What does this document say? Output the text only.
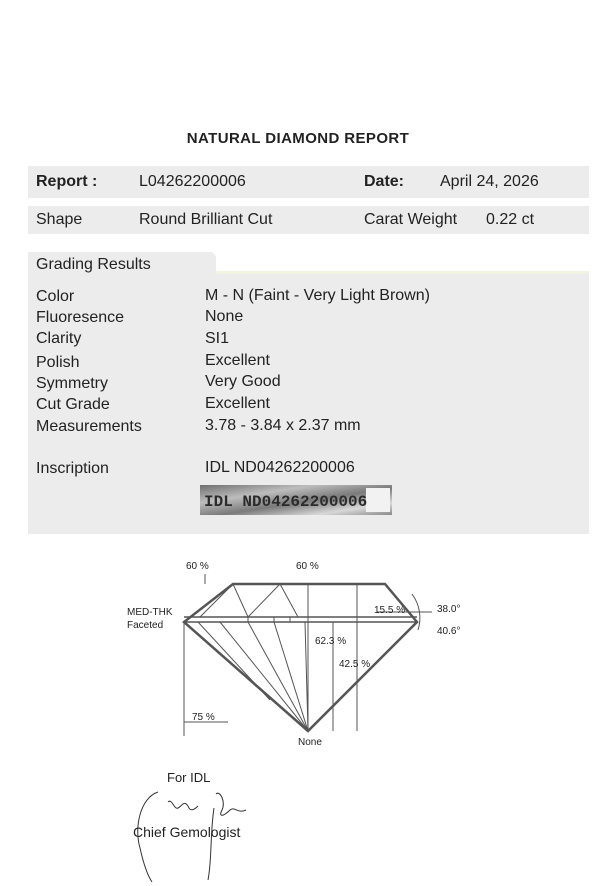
NATURAL DIAMOND REPORT
Report :	L04262200006	Date: April 24, 2026
Shape	Round Brilliant Cut	Carat Weight 0.22 ct
Grading Results
Color	M - N (Faint - Very Light Brown)
Fluoresence	None
Clarity	SI1
Polish	Excellent
Symmetry	Very Good
Cut Grade	Excellent
Measurements	3.78 - 3.84 x 2.37 mm
Inscription	IDL ND04262200006
IDL ND04262200006
60 %	60 %
MED-THK
Faceted
15.5 %	38.0°
40.6°
62.3 %
42.5 %
75 %
None
For IDL
Chief Gemologist
